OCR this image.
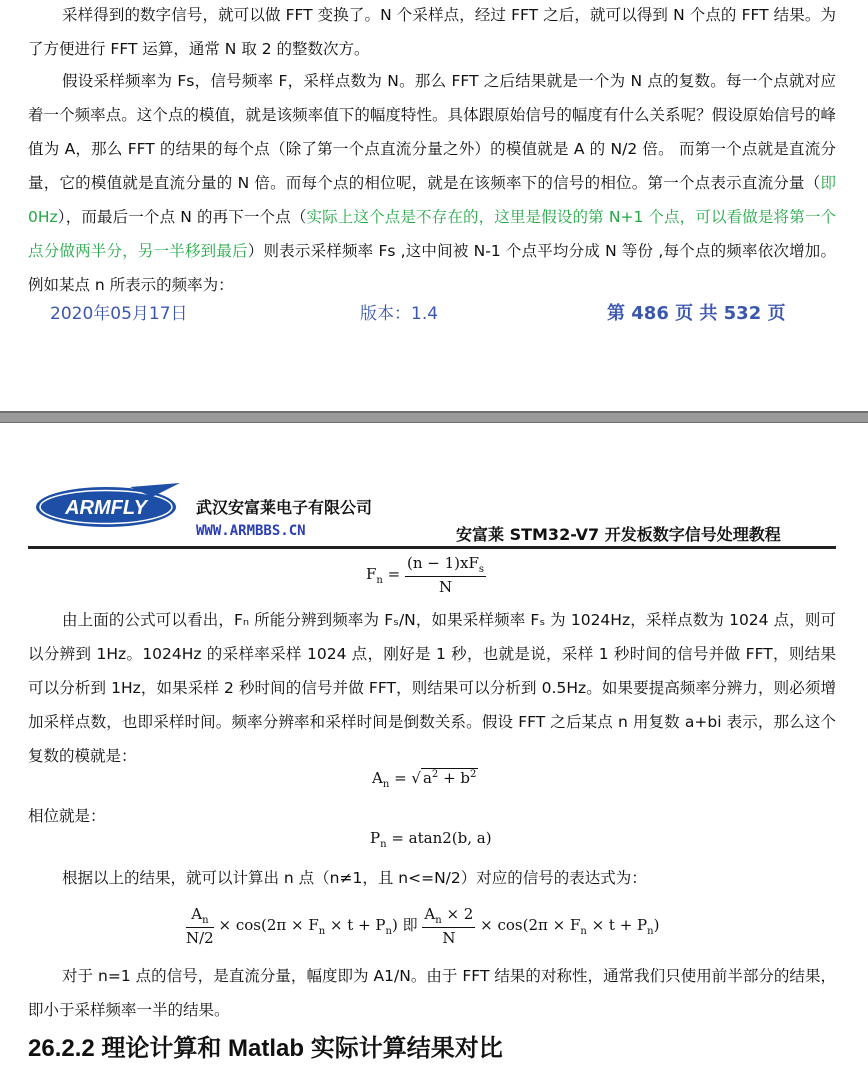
采样得到的数字信号，就可以做 FFT 变换了。N 个采样点，经过 FFT 之后，就可以得到 N 个点的 FFT 结果。为了方便进行 FFT 运算，通常 N 取 2 的整数次方。

假设采样频率为 Fs，信号频率 F，采样点数为 N。那么 FFT 之后结果就是一个为 N 点的复数。每一个点就对应着一个频率点。这个点的模值，就是该频率值下的幅度特性。具体跟原始信号的幅度有什么关系呢？假设原始信号的峰值为 A，那么 FFT 的结果的每个点（除了第一个点直流分量之外）的模值就是 A 的 N/2 倍。 而第一个点就是直流分量，它的模值就是直流分量的 N 倍。而每个点的相位呢，就是在该频率下的信号的相位。第一个点表示直流分量（即 0Hz），而最后一个点 N 的再下一个点（实际上这个点是不存在的，这里是假设的第 N+1 个点，可以看做是将第一个点分做两半分，另一半移到最后）则表示采样频率 Fs ,这中间被 N-1 个点平均分成 N 等份 ,每个点的频率依次增加。例如某点 n 所表示的频率为：

2020年05月17日	版本：1.4	第 486 页 共 532 页
ARMFLY	武汉安富莱电子有限公司
WWW.ARMBBS.CN	安富莱 STM32-V7 开发板数字信号处理教程
$F_n = \frac{(n - 1)xF_s}{N}$

由上面的公式可以看出，Fₙ 所能分辨到频率为 Fₛ/N，如果采样频率 Fₛ 为 1024Hz，采样点数为 1024 点，则可以分辨到 1Hz。1024Hz 的采样率采样 1024 点，刚好是 1 秒，也就是说，采样 1 秒时间的信号并做 FFT，则结果可以分析到 1Hz，如果采样 2 秒时间的信号并做 FFT，则结果可以分析到 0.5Hz。如果要提高频率分辨力，则必须增加采样点数，也即采样时间。频率分辨率和采样时间是倒数关系。假设 FFT 之后某点 n 用复数 a+bi 表示，那么这个复数的模就是：

$A_n$ = √ $a^2 + b^2$

相位就是：

$P_n = atan2(b$, a)

根据以上的结果，就可以计算出 n 点（n≠1，且 n<=N/2）对应的信号的表达式为：

$\frac{A_n}{N/2} \times \cos(2\pi \times F_n \times t + P_n)$ 即 $\frac{A_n \times 2}{N} \times \cos(2\pi \times F_n \times t + P_n)$

对于 n=1 点的信号，是直流分量，幅度即为 A1/N。由于 FFT 结果的对称性，通常我们只使用前半部分的结果，即小于采样频率一半的结果。

26.2.2 理论计算和 Matlab 实际计算结果对比
